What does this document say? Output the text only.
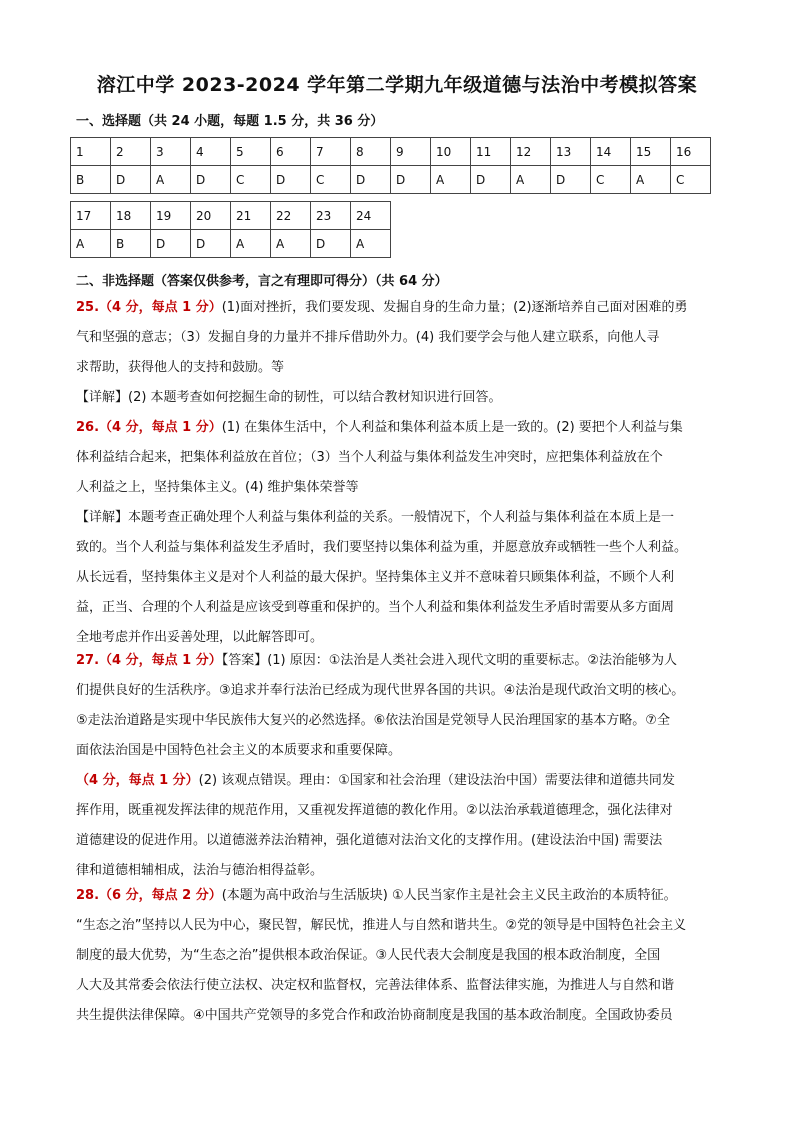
溶江中学 2023-2024 学年第二学期九年级道德与法治中考模拟答案
一、选择题（共 24 小题，每题 1.5 分，共 36 分）
1	2	3	4	5	6	7	8	9	10	11	12	13	14	15	16
B	D	A	D	C	D	C	D	D	A	D	A	D	C	A	C
17	18	19	20	21	22	23	24
A	B	D	D	A	A	D	A
二、非选择题（答案仅供参考，言之有理即可得分）（共 64 分）
25.（4 分，每点 1 分）(1)面对挫折，我们要发现、发掘自身的生命力量；(2)逐渐培养自己面对困难的勇
气和坚强的意志；（3）发掘自身的力量并不排斥借助外力。(4) 我们要学会与他人建立联系，向他人寻
求帮助，获得他人的支持和鼓励。等
【详解】(2) 本题考查如何挖掘生命的韧性，可以结合教材知识进行回答。
26.（4 分，每点 1 分）(1) 在集体生活中，个人利益和集体利益本质上是一致的。(2) 要把个人利益与集
体利益结合起来，把集体利益放在首位；（3）当个人利益与集体利益发生冲突时，应把集体利益放在个
人利益之上，坚持集体主义。(4) 维护集体荣誉等
【详解】本题考查正确处理个人利益与集体利益的关系。一般情况下，个人利益与集体利益在本质上是一
致的。当个人利益与集体利益发生矛盾时，我们要坚持以集体利益为重，并愿意放弃或牺牲一些个人利益。
从长远看，坚持集体主义是对个人利益的最大保护。坚持集体主义并不意味着只顾集体利益，不顾个人利
益，正当、合理的个人利益是应该受到尊重和保护的。当个人利益和集体利益发生矛盾时需要从多方面周
全地考虑并作出妥善处理，以此解答即可。
27.（4 分，每点 1 分）【答案】(1) 原因：①法治是人类社会进入现代文明的重要标志。②法治能够为人
们提供良好的生活秩序。③追求并奉行法治已经成为现代世界各国的共识。④法治是现代政治文明的核心。
⑤走法治道路是实现中华民族伟大复兴的必然选择。⑥依法治国是党领导人民治理国家的基本方略。⑦全
面依法治国是中国特色社会主义的本质要求和重要保障。
（4 分，每点 1 分）(2) 该观点错误。理由：①国家和社会治理（建设法治中国）需要法律和道德共同发
挥作用，既重视发挥法律的规范作用，又重视发挥道德的教化作用。②以法治承载道德理念，强化法律对
道德建设的促进作用。以道德滋养法治精神，强化道德对法治文化的支撑作用。(建设法治中国) 需要法
律和道德相辅相成，法治与德治相得益彰。
28.（6 分，每点 2 分）(本题为高中政治与生活版块) ①人民当家作主是社会主义民主政治的本质特征。
“生态之治”坚持以人民为中心，聚民智，解民忧，推进人与自然和谐共生。②党的领导是中国特色社会主义
制度的最大优势，为“生态之治”提供根本政治保证。③人民代表大会制度是我国的根本政治制度，全国
人大及其常委会依法行使立法权、决定权和监督权，完善法律体系、监督法律实施，为推进人与自然和谐
共生提供法律保障。④中国共产党领导的多党合作和政治协商制度是我国的基本政治制度。全国政协委员
